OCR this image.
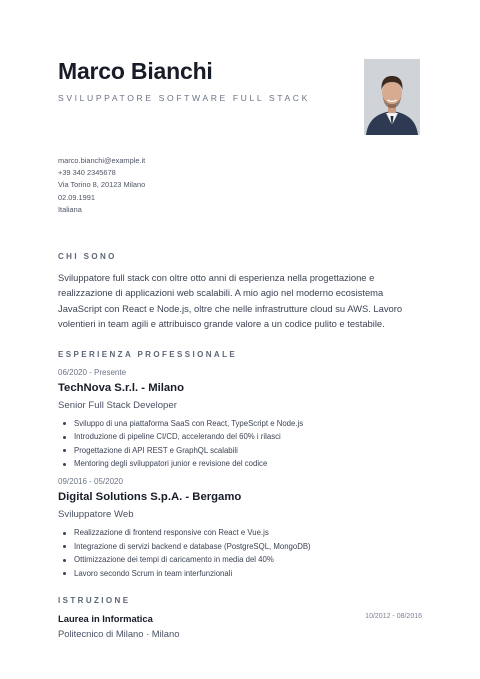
Marco Bianchi
SVILUPPATORE SOFTWARE FULL STACK
marco.bianchi@example.it
+39 340 2345678
Via Torino 8, 20123 Milano
02.09.1991
Italiana
CHI SONO
Sviluppatore full stack con oltre otto anni di esperienza nella progettazione e realizzazione di applicazioni web scalabili. A mio agio nel moderno ecosistema JavaScript con React e Node.js, oltre che nelle infrastrutture cloud su AWS. Lavoro volentieri in team agili e attribuisco grande valore a un codice pulito e testabile.
ESPERIENZA PROFESSIONALE
06/2020 - Presente
TechNova S.r.l. - Milano
Senior Full Stack Developer
Sviluppo di una piattaforma SaaS con React, TypeScript e Node.js
Introduzione di pipeline CI/CD, accelerando del 60% i rilasci
Progettazione di API REST e GraphQL scalabili
Mentoring degli sviluppatori junior e revisione del codice
09/2016 - 05/2020
Digital Solutions S.p.A. - Bergamo
Sviluppatore Web
Realizzazione di frontend responsive con React e Vue.js
Integrazione di servizi backend e database (PostgreSQL, MongoDB)
Ottimizzazione dei tempi di caricamento in media del 40%
Lavoro secondo Scrum in team interfunzionali
ISTRUZIONE
Laurea in Informatica
Politecnico di Milano · Milano
10/2012 - 08/2016
